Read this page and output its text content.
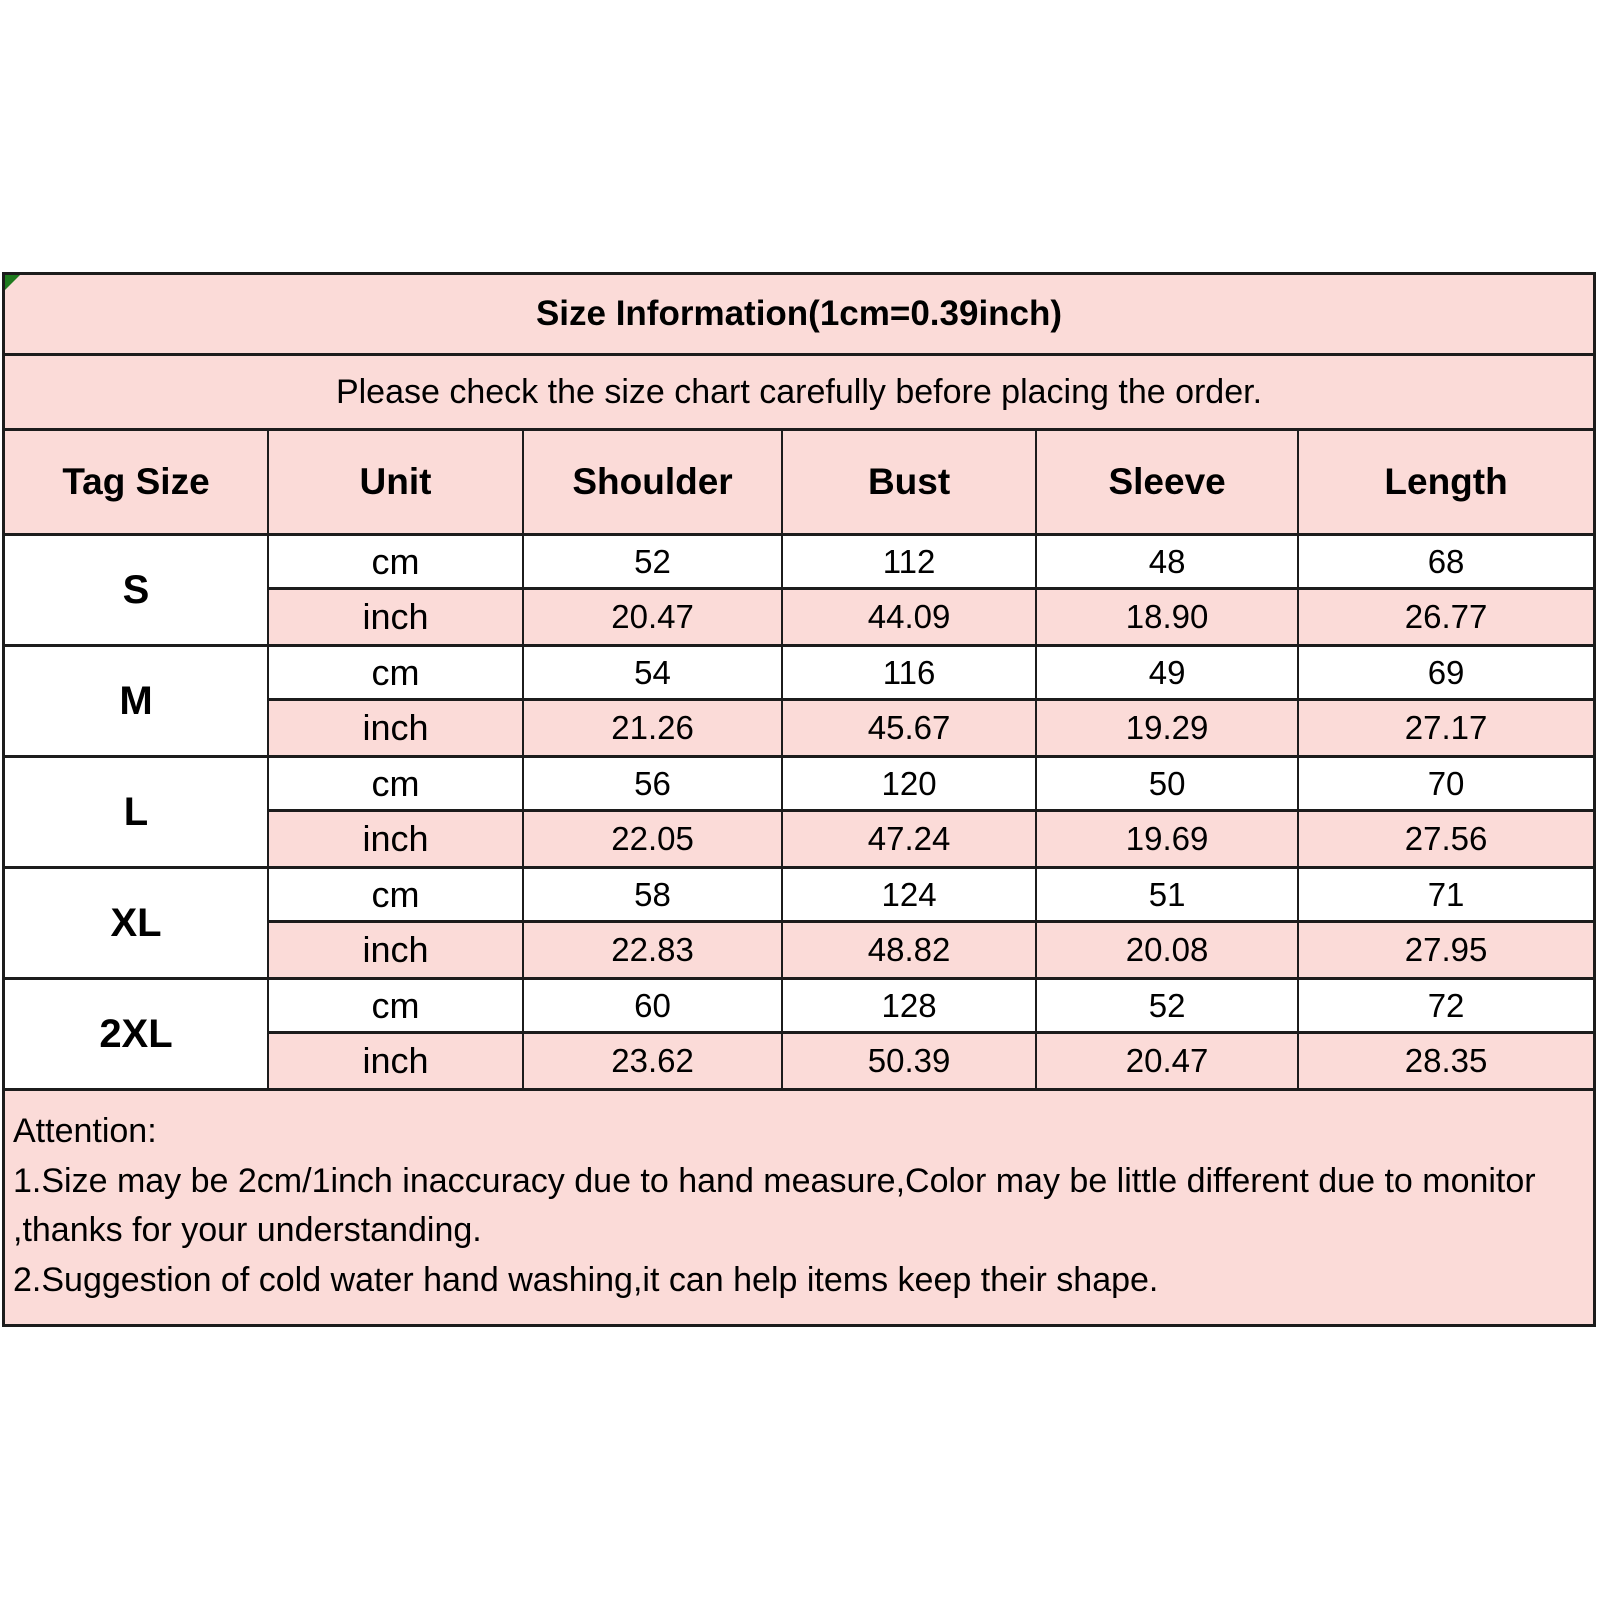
Size Information(1cm=0.39inch)
Please check the size chart carefully before placing the order.
Tag Size	Unit	Shoulder	Bust	Sleeve	Length
S
cm	52	112	48	68
inch	20.47	44.09	18.90	26.77
M
cm	54	116	49	69
inch	21.26	45.67	19.29	27.17
L
cm	56	120	50	70
inch	22.05	47.24	19.69	27.56
XL
cm	58	124	51	71
inch	22.83	48.82	20.08	27.95
2XL
cm	60	128	52	72
inch	23.62	50.39	20.47	28.35
Attention:
1.Size may be 2cm/1inch inaccuracy due to hand measure,Color may be little different due to monitor ,thanks for your understanding.
2.Suggestion of cold water hand washing,it can help items keep their shape.
